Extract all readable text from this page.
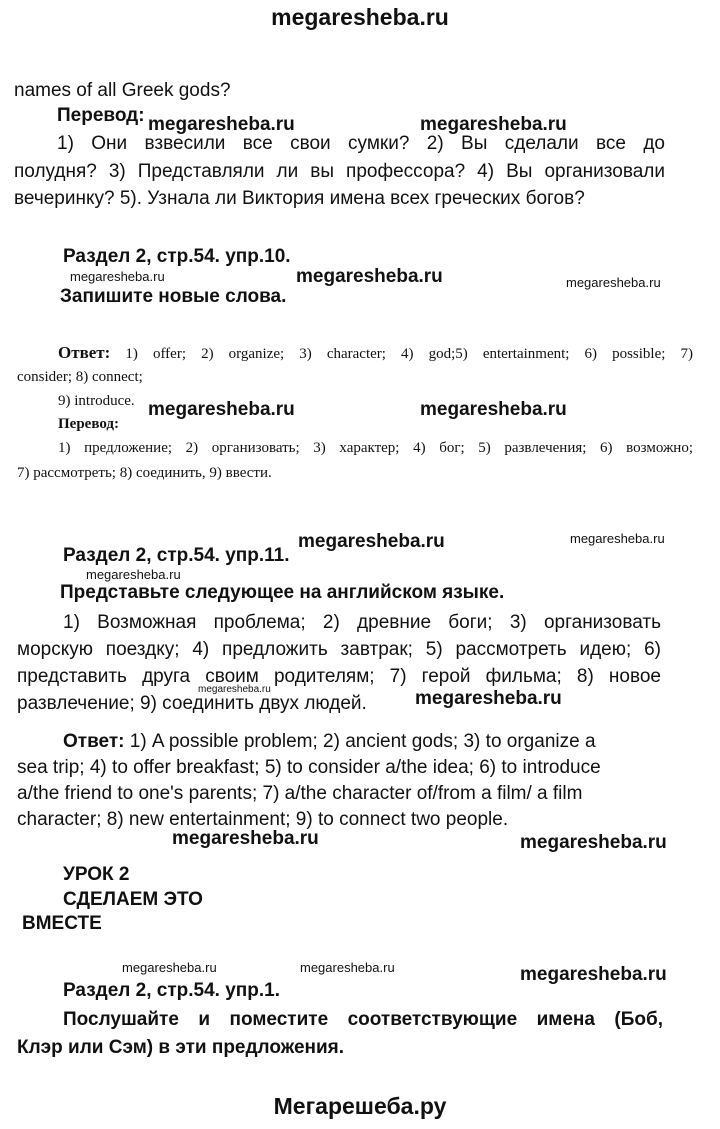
megaresheba.ru
names of all Greek gods?
Перевод:
1) Они взвесили все свои сумки? 2) Вы сделали все до
полудня? 3) Представляли ли вы профессора? 4) Вы организовали
вечеринку? 5). Узнала ли Виктория имена всех греческих богов?
Раздел 2, стр.54. упр.10.
Запишите новые слова.
Ответ: 1) offer; 2) organize; 3) character; 4) god;5) entertainment; 6) possible; 7)
consider; 8) connect;
9) introduce.
Перевод:
1) предложение; 2) организовать; 3) характер; 4) бог; 5) развлечения; 6) возможно;
7) рассмотреть; 8) соединить, 9) ввести.
Раздел 2, стр.54. упр.11.
Представьте следующее на английском языке.
1) Возможная проблема; 2) древние боги; 3) организовать
морскую поездку; 4) предложить завтрак; 5) рассмотреть идею; 6)
представить друга своим родителям; 7) герой фильма; 8) новое
развлечение; 9) соединить двух людей.
Ответ: 1) A possible problem; 2) ancient gods; 3) to organize a
sea trip; 4) to offer breakfast; 5) to consider a/the idea; 6) to introduce
a/the friend to one's parents; 7) a/the character of/from a film/ a film
character; 8) new entertainment; 9) to connect two people.
УРОК 2
СДЕЛАЕМ ЭТО
ВМЕСТЕ
Раздел 2, стр.54. упр.1.
Послушайте и поместите соответствующие имена (Боб,
Клэр или Сэм) в эти предложения.
megaresheba.ru	megaresheba.ru
megaresheba.ru	megaresheba.ru	megaresheba.ru
megaresheba.ru	megaresheba.ru
megaresheba.ru	megaresheba.ru
megaresheba.ru
megaresheba.ru	megaresheba.ru
megaresheba.ru	megaresheba.ru
megaresheba.ru	megaresheba.ru	megaresheba.ru
Мегарешеба.ру
